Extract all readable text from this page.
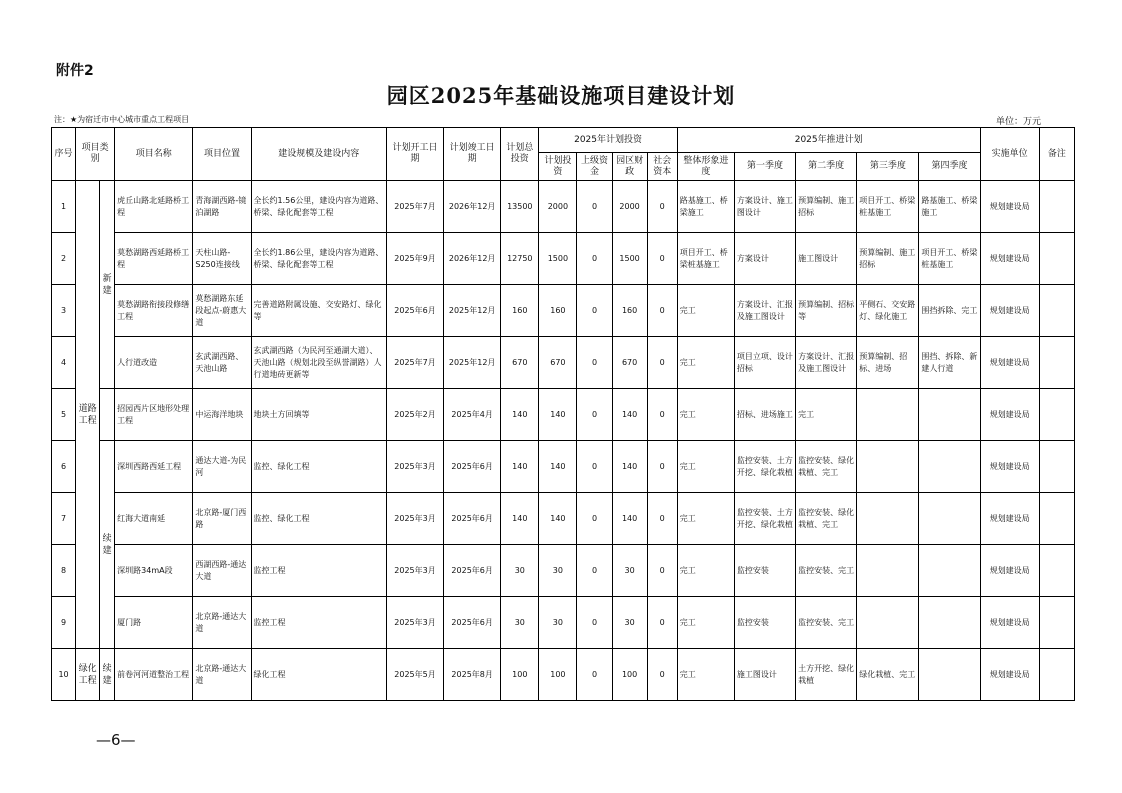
附件2
园区2025年基础设施项目建设计划
注：★为宿迁市中心城市重点工程项目	单位：万元
序号	项目类别		项目名称	项目位置	建设规模及建设内容	计划开工日期	计划竣工日期	计划总投资	2025年计划投资				2025年推进计划					实施单位	备注
									计划投资	上级资金	园区财政	社会资本	整体形象进度	第一季度	第二季度	第三季度	第四季度		
1	道路工程	新建	虎丘山路北延路桥工程	青海湖西路-镜泊湖路	全长约1.56公里，建设内容为道路、桥梁、绿化配套等工程	2025年7月	2026年12月	13500	2000	0	2000	0	路基施工、桥梁施工	方案设计、施工图设计	预算编制、施工招标	项目开工、桥梁桩基施工	路基施工、桥梁施工	规划建设局	
2			莫愁湖路西延路桥工程	天柱山路-S250连接线	全长约1.86公里，建设内容为道路、桥梁、绿化配套等工程	2025年9月	2026年12月	12750	1500	0	1500	0	项目开工、桥梁桩基施工	方案设计	施工图设计	预算编制、施工招标	项目开工、桥梁桩基施工	规划建设局	
3			莫愁湖路衔接段修缮工程	莫愁湖路东延段起点-蔚惠大道	完善道路附属设施、交安路灯、绿化等	2025年6月	2025年12月	160	160	0	160	0	完工	方案设计、汇报及施工图设计	预算编制、招标等	平侧石、交安路灯、绿化施工	围挡拆除、完工	规划建设局	
4			人行道改造	玄武湖西路、天池山路	玄武湖西路（为民河至通湖大道）、天池山路（规划北段至纵誉湖路）人行道地砖更新等	2025年7月	2025年12月	670	670	0	670	0	完工	项目立项、设计招标	方案设计、汇报及施工图设计	预算编制、招标、进场	围挡、拆除、新建人行道	规划建设局	
5			招园西片区地形处理工程	中运海洋地块	地块土方回填等	2025年2月	2025年4月	140	140	0	140	0	完工	招标、进场施工	完工			规划建设局	
6		续建	深圳西路西延工程	通达大道-为民河	监控、绿化工程	2025年3月	2025年6月	140	140	0	140	0	完工	监控安装、土方开挖、绿化栽植	监控安装、绿化栽植、完工			规划建设局	
7			红海大道南延	北京路-厦门西路	监控、绿化工程	2025年3月	2025年6月	140	140	0	140	0	完工	监控安装、土方开挖、绿化栽植	监控安装、绿化栽植、完工			规划建设局	
8			深圳路34mA段	西湖西路-通达大道	监控工程	2025年3月	2025年6月	30	30	0	30	0	完工	监控安装	监控安装、完工			规划建设局	
9			厦门路	北京路-通达大道	监控工程	2025年3月	2025年6月	30	30	0	30	0	完工	监控安装	监控安装、完工			规划建设局	
10	绿化工程	续建	前卷河河道整治工程	北京路-通达大道	绿化工程	2025年5月	2025年8月	100	100	0	100	0	完工	施工图设计	土方开挖、绿化栽植	绿化栽植、完工		规划建设局	
—6—
